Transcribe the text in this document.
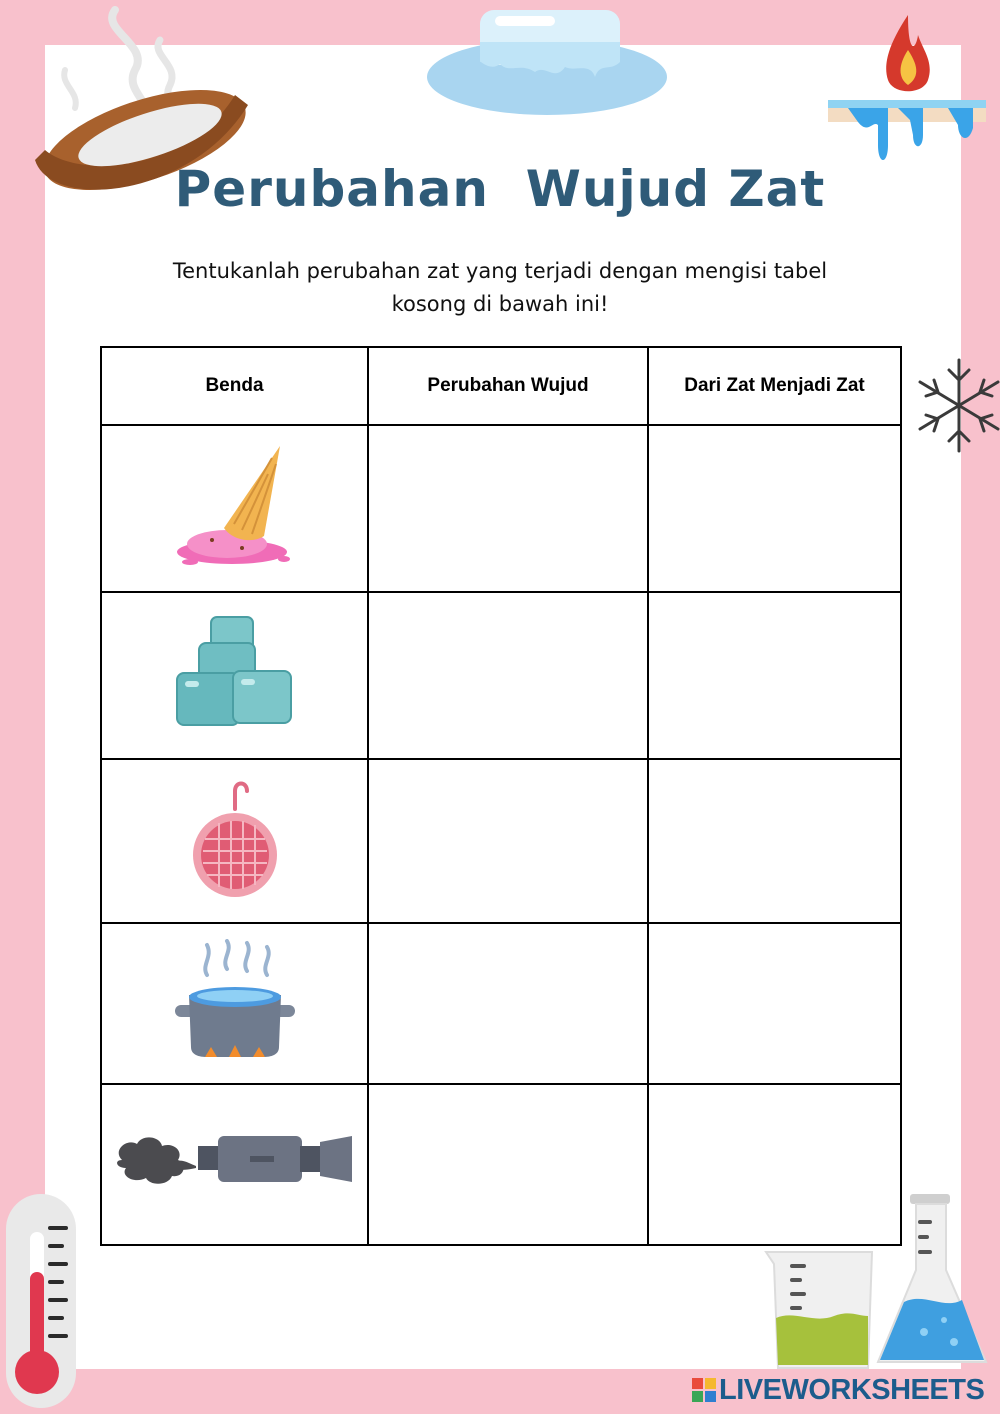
Perubahan  Wujud Zat
Tentukanlah perubahan zat yang terjadi dengan mengisi tabel
kosong di bawah ini!
Benda	Perubahan Wujud	Dari Zat Menjadi Zat

LIVEWORKSHEETS
